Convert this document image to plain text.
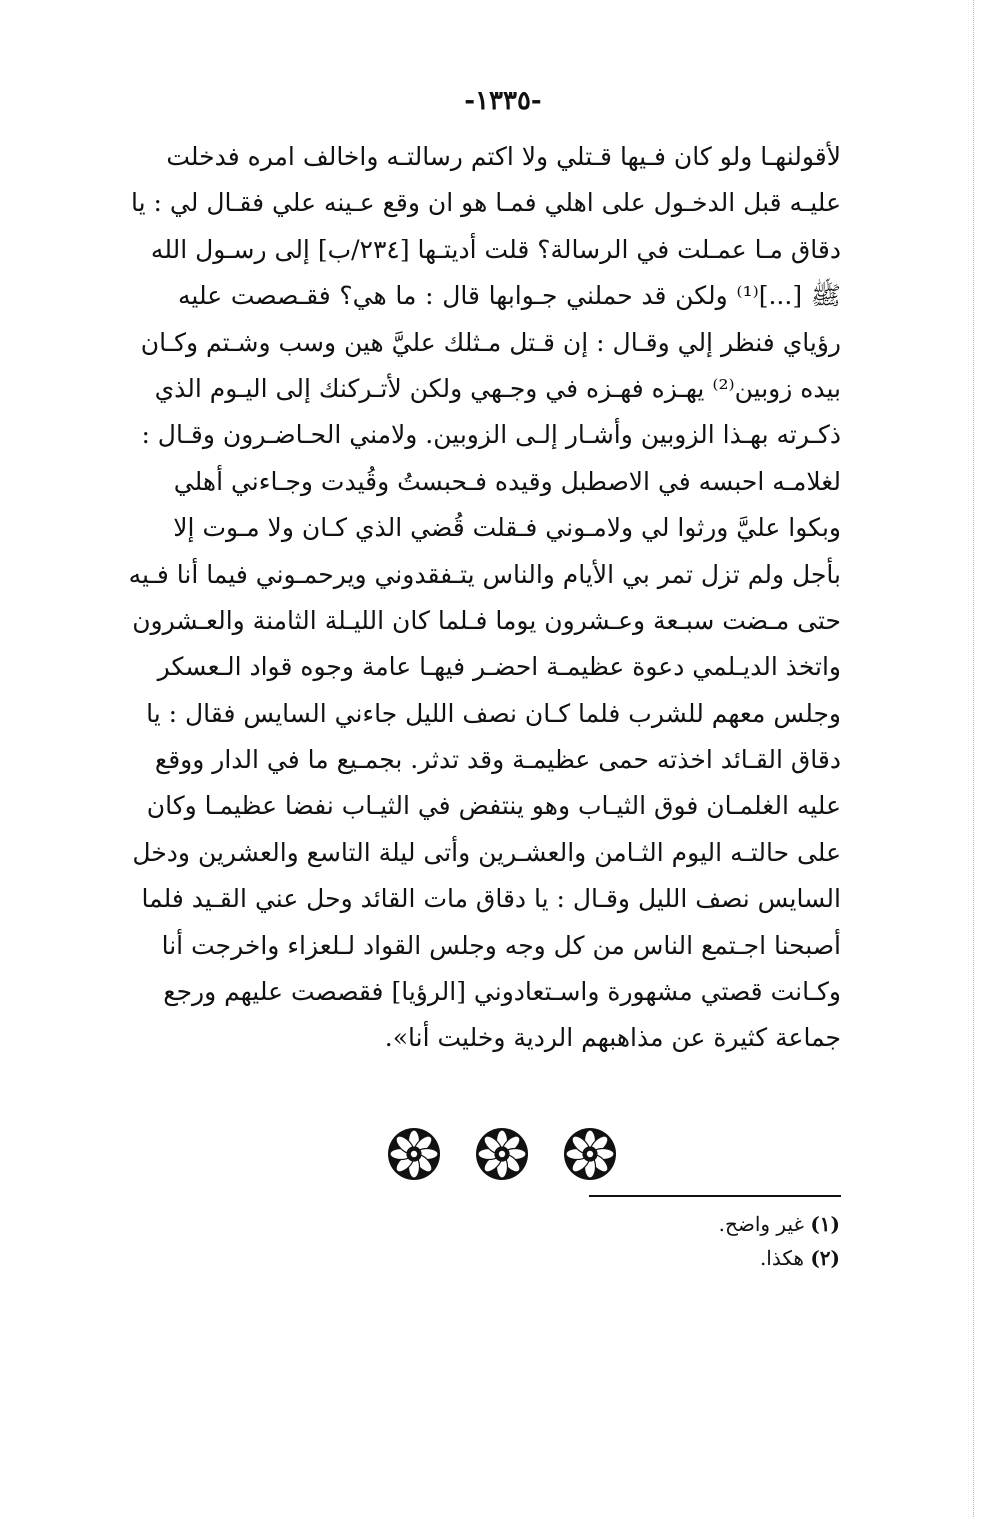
-١٣٣٥-
لأقولنهـا ولو كان فـيها قـتلي ولا اكتم رسالتـه واخالف امره فدخلت
عليـه قبل الدخـول على اهلي فمـا هو ان وقع عـينه علي فقـال لي : يا
دقاق مـا عمـلت في الرسالة؟ قلت أديتـها [٢٣٤/ب] إلى رسـول الله
ﷺ [...]⁽¹⁾ ولكن قد حملني جـوابها قال : ما هي؟ فقـصصت عليه
رؤياي فنظر إلي وقـال : إن قـتل مـثلك عليَّ هين وسب وشـتم وكـان
بيده زوبين⁽²⁾ يهـزه فهـزه في وجـهي ولكن لأتـركنك إلى اليـوم الذي
ذكـرته بهـذا الزوبين وأشـار إلـى الزوبين. ولامني الحـاضـرون وقـال :
لغلامـه احبسه في الاصطبل وقيده فـحبستُ وقُيدت وجـاءني أهلي
وبكوا عليَّ ورثوا لي ولامـوني فـقلت قُضي الذي كـان ولا مـوت إلا
بأجل ولم تزل تمر بي الأيام والناس يتـفقدوني ويرحمـوني فيما أنا فـيه
حتى مـضت سبـعة وعـشرون يوما فـلما كان الليـلة الثامنة والعـشرون
واتخذ الديـلمي دعوة عظيمـة احضـر فيهـا عامة وجوه قواد الـعسكر
وجلس معهم للشرب فلما كـان نصف الليل جاءني السايس فقال : يا
دقاق القـائد اخذته حمى عظيمـة وقد تدثر. بجمـيع ما في الدار ووقع
عليه الغلمـان فوق الثيـاب وهو ينتفض في الثيـاب نفضا عظيمـا وكان
على حالتـه اليوم الثـامن والعشـرين وأتى ليلة التاسع والعشرين ودخل
السايس نصف الليل وقـال : يا دقاق مات القائد وحل عني القـيد فلما
أصبحنا اجـتمع الناس من كل وجه وجلس القواد لـلعزاء واخرجت أنا
وكـانت قصتي مشهورة واسـتعادوني [الرؤيا] فقصصت عليهم ورجع
جماعة كثيرة عن مذاهبهم الردية وخليت أنا».
(١) غير واضح.
(٢) هكذا.
